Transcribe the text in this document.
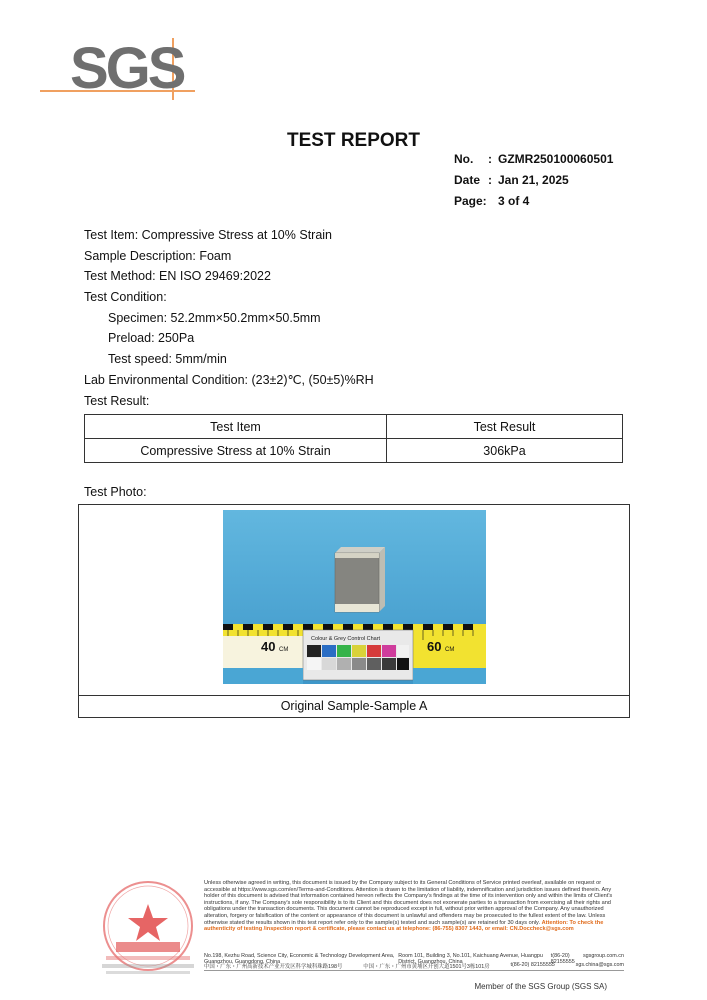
SGS
TEST REPORT
No.	: GZMR250100060501
Date : Jan 21, 2025
Page: 3 of 4
Test Item: Compressive Stress at 10% Strain
Sample Description: Foam
Test Method: EN ISO 29469:2022
Test Condition:
Specimen: 52.2mm×50.2mm×50.5mm
Preload: 250Pa
Test speed: 5mm/min
Lab Environmental Condition: (23±2)℃, (50±5)%RH
Test Result:
Test Item	Test Result
Compressive Stress at 10% Strain	306kPa
Test Photo:
40 CM	60 CM
Colour & Grey Control Chart
Original Sample-Sample A
Unless otherwise agreed in writing, this document is issued by the Company subject to its General Conditions of Service printed overleaf, available on request or accessible at https://www.sgs.com/en/Terms-and-Conditions. Attention is drawn to the limitation of liability, indemnification and jurisdiction issues defined therein. Any holder of this document is advised that information contained hereon reflects the Company's findings at the time of its intervention only and within the limits of Client's instructions, if any. The Company's sole responsibility is to its Client and this document does not exonerate parties to a transaction from exercising all their rights and obligations under the transaction documents. This document cannot be reproduced except in full, without prior written approval of the Company. Any unauthorized alteration, forgery or falsification of the content or appearance of this document is unlawful and offenders may be prosecuted to the fullest extent of the law. Unless otherwise stated the results shown in this test report refer only to the sample(s) tested and such sample(s) are retained for 30 days only. Attention: To check the authenticity of testing /inspection report & certificate, please contact us at telephone: (86-755) 8307 1443, or email: CN.Doccheck@sgs.com
No.198, Kezhu Road, Science City, Economic & Technology Development Area, Guangzhou, Guangdong, China
Room 101, Building 3, No.101, Kaichuang Avenue, Huangpu District, Guangzhou, China
t(86-20) 82155555
sgsgroup.com.cn
中国・广东・广州高新技术产业开发区科学城科珠路198号	中国・广东・广州市黄埔区开创大道1501号3栋101房	t(86-20) 82155555	sgs.china@sgs.com
Member of the SGS Group (SGS SA)
